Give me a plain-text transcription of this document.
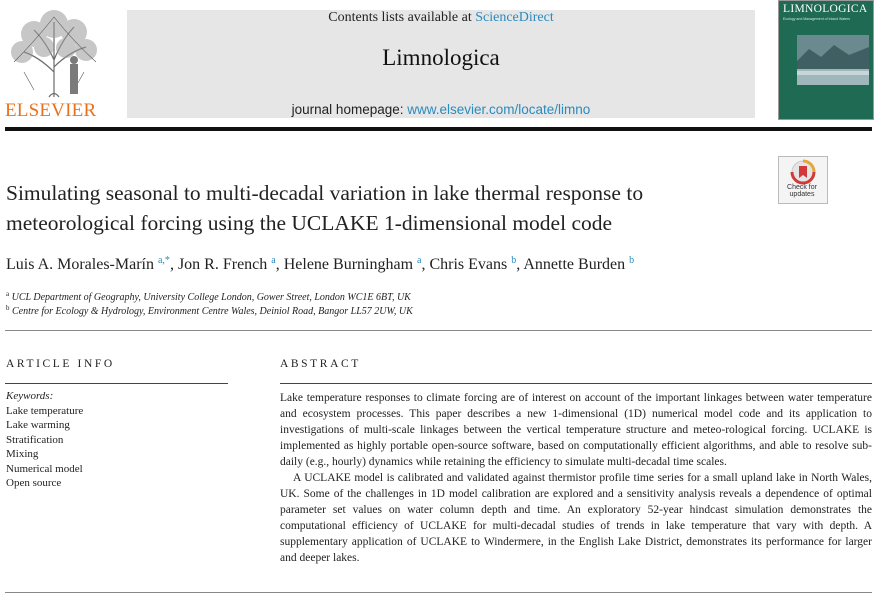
ELSEVIER
Contents lists available at ScienceDirect
Limnologica
journal homepage: www.elsevier.com/locate/limno
LIMNOLOGICA
Ecology and Management of Inland Waters
Check for
updates
Simulating seasonal to multi-decadal variation in lake thermal response to meteorological forcing using the UCLAKE 1-dimensional model code
Luis A. Morales-Marín $^{a,*}$, Jon R. French $^a$, Helene Burningham $^a$, Chris Evans $^b$, Annette Burden $^b$
$^a$ UCL Department of Geography, University College London, Gower Street, London WC1E 6BT, UK
$^b$ Centre for Ecology & Hydrology, Environment Centre Wales, Deiniol Road, Bangor LL57 2UW, UK
ARTICLE INFO
Keywords:
Lake temperature
Lake warming
Stratification
Mixing
Numerical model
Open source
ABSTRACT

Lake temperature responses to climate forcing are of interest on account of the important linkages between water temperature and ecosystem processes. This paper describes a new 1-dimensional (1D) numerical model code and its application to investigations of multi-scale linkages between the vertical temperature structure and meteo-rological forcing. UCLAKE is implemented as highly portable open-source software, based on computationally efficient algorithms, and able to resolve sub-daily (e.g., hourly) dynamics while retaining the efficiency to simulate multi-decadal time scales.

A UCLAKE model is calibrated and validated against thermistor profile time series for a small upland lake in North Wales, UK. Some of the challenges in 1D model calibration are explored and a sensitivity analysis reveals a dependence of optimal parameter set values on water column depth and time. An exploratory 52-year hindcast simulation demonstrates the computational efficiency of UCLAKE for multi-decadal studies of trends in lake temperature that vary with depth. A supplementary application of UCLAKE to Windermere, in the English Lake District, demonstrates its performance for larger and deeper lakes.
